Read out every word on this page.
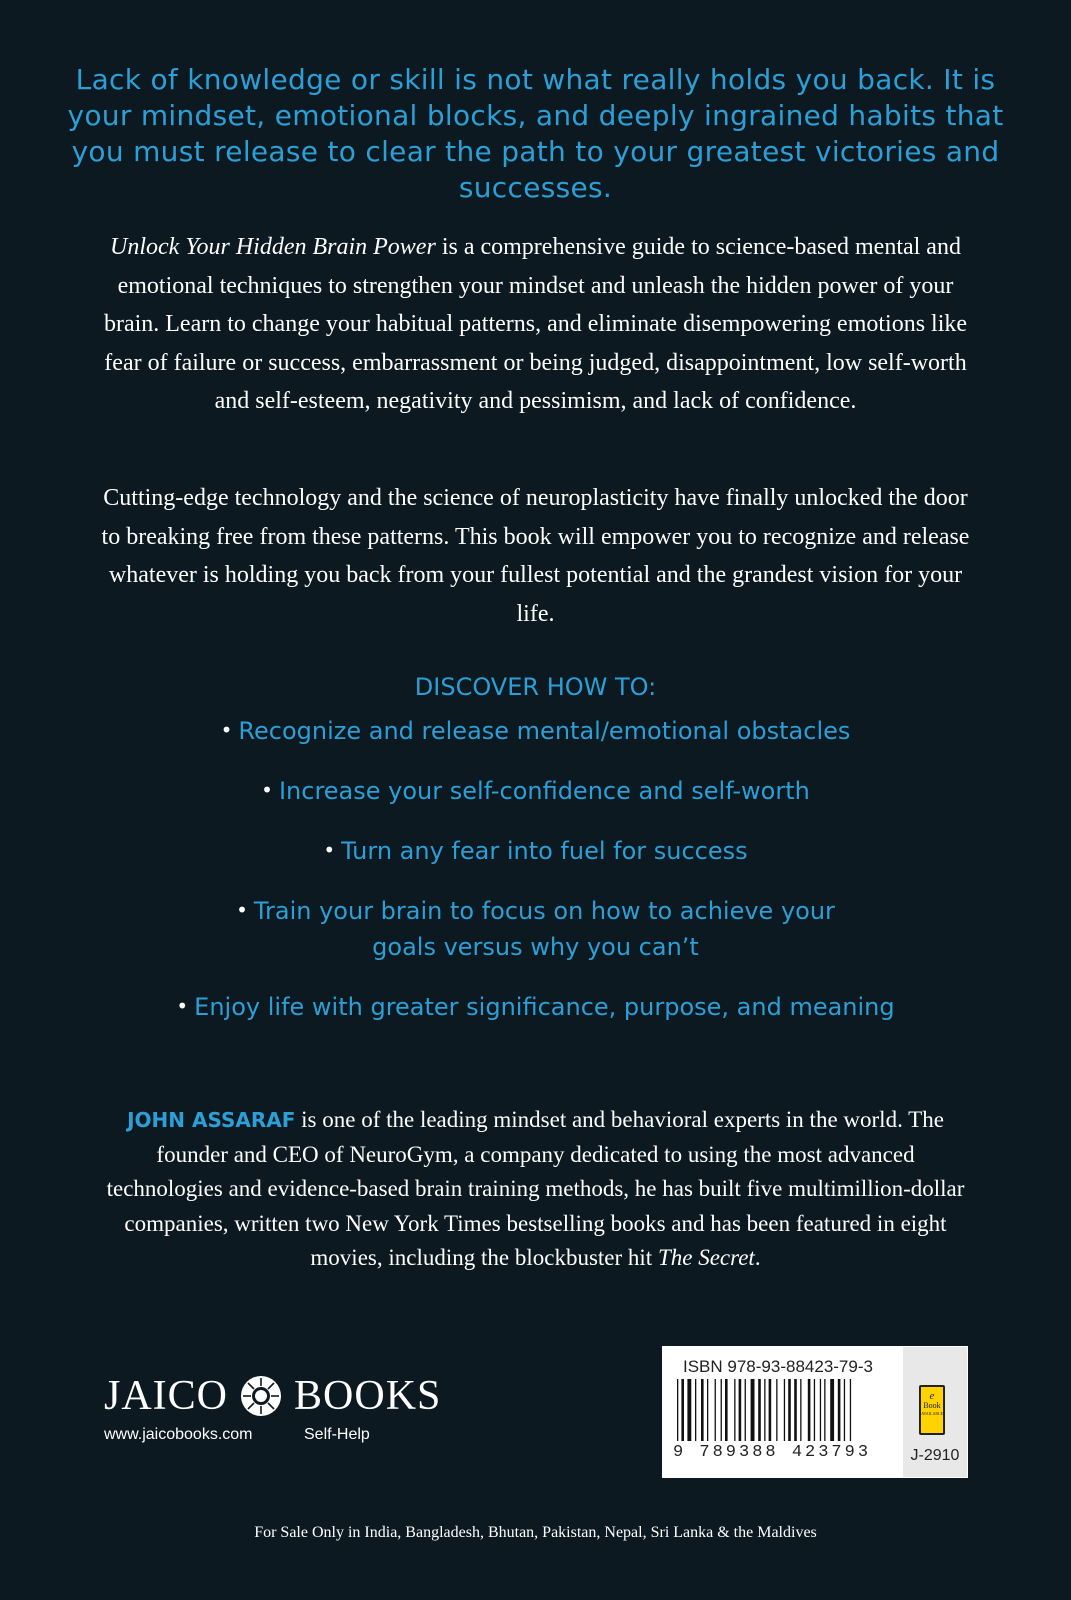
Lack of knowledge or skill is not what really holds you back. It is your mindset, emotional blocks, and deeply ingrained habits that you must release to clear the path to your greatest victories and successes.
Unlock Your Hidden Brain Power is a comprehensive guide to science-based mental and emotional techniques to strengthen your mindset and unleash the hidden power of your brain. Learn to change your habitual patterns, and eliminate disempowering emotions like fear of failure or success, embarrassment or being judged, disappointment, low self-worth and self-esteem, negativity and pessimism, and lack of confidence.
Cutting-edge technology and the science of neuroplasticity have finally unlocked the door to breaking free from these patterns. This book will empower you to recognize and release whatever is holding you back from your fullest potential and the grandest vision for your life.
DISCOVER HOW TO:
• Recognize and release mental/emotional obstacles
• Increase your self-confidence and self-worth
• Turn any fear into fuel for success
• Train your brain to focus on how to achieve your goals versus why you can’t
• Enjoy life with greater significance, purpose, and meaning
JOHN ASSARAF is one of the leading mindset and behavioral experts in the world. The founder and CEO of NeuroGym, a company dedicated to using the most advanced technologies and evidence-based brain training methods, he has built five multimillion-dollar companies, written two New York Times bestselling books and has been featured in eight movies, including the blockbuster hit The Secret.
JAICO BOOKS
www.jaicobooks.com	Self-Help
ISBN 978-93-88423-79-3
9 789388 423793
e
Book
AVAILABLE
J-2910
For Sale Only in India, Bangladesh, Bhutan, Pakistan, Nepal, Sri Lanka & the Maldives
